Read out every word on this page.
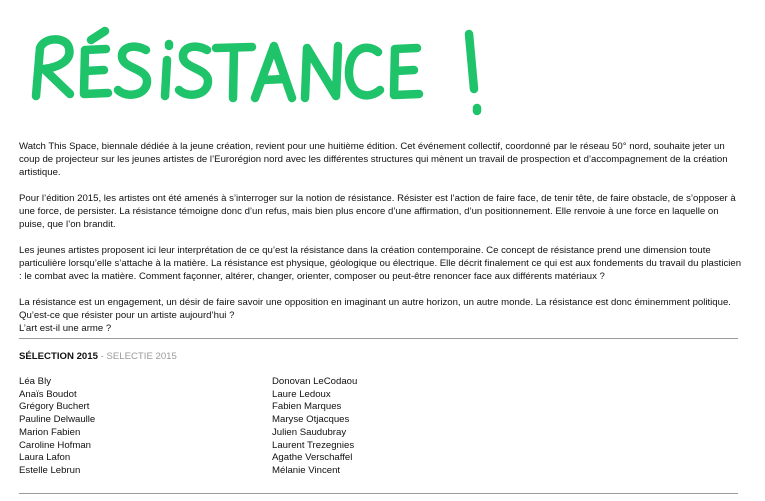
Watch This Space, biennale dédiée à la jeune création, revient pour une huitième édition. Cet événement collectif, coordonné par le réseau 50° nord, souhaite jeter un coup de projecteur sur les jeunes artistes de l’Eurorégion nord avec les différentes structures qui mènent un travail de prospection et d’accompagnement de la création artistique.

Pour l’édition 2015, les artistes ont été amenés à s’interroger sur la notion de résistance. Résister est l’action de faire face, de tenir tête, de faire obstacle, de s’opposer à une force, de persister. La résistance témoigne donc d’un refus, mais bien plus encore d’une affirmation, d’un positionnement. Elle renvoie à une force en laquelle on puise, que l’on brandit.

Les jeunes artistes proposent ici leur interprétation de ce qu’est la résistance dans la création contemporaine. Ce concept de résistance prend une dimension toute particulière lorsqu’elle s’attache à la matière. La résistance est physique, géologique ou électrique. Elle décrit finalement ce qui est aux fondements du travail du plasticien : le combat avec la matière. Comment façonner, altérer, changer, orienter, composer ou peut-être renoncer face aux différents matériaux ?

La résistance est un engagement, un désir de faire savoir une opposition en imaginant un autre horizon, un autre monde. La résistance est donc éminemment politique.
Qu’est-ce que résister pour un artiste aujourd’hui ?
L’art est-il une arme ?

SÉLECTION 2015 - SELECTIE 2015
Léa Bly
Anaïs Boudot
Grégory Buchert
Pauline Delwaulle
Marion Fabien
Caroline Hofman
Laura Lafon
Estelle Lebrun
Donovan LeCodaou
Laure Ledoux
Fabien Marques
Maryse Otjacques
Julien Saudubray
Laurent Trezegnies
Agathe Verschaffel
Mélanie Vincent
